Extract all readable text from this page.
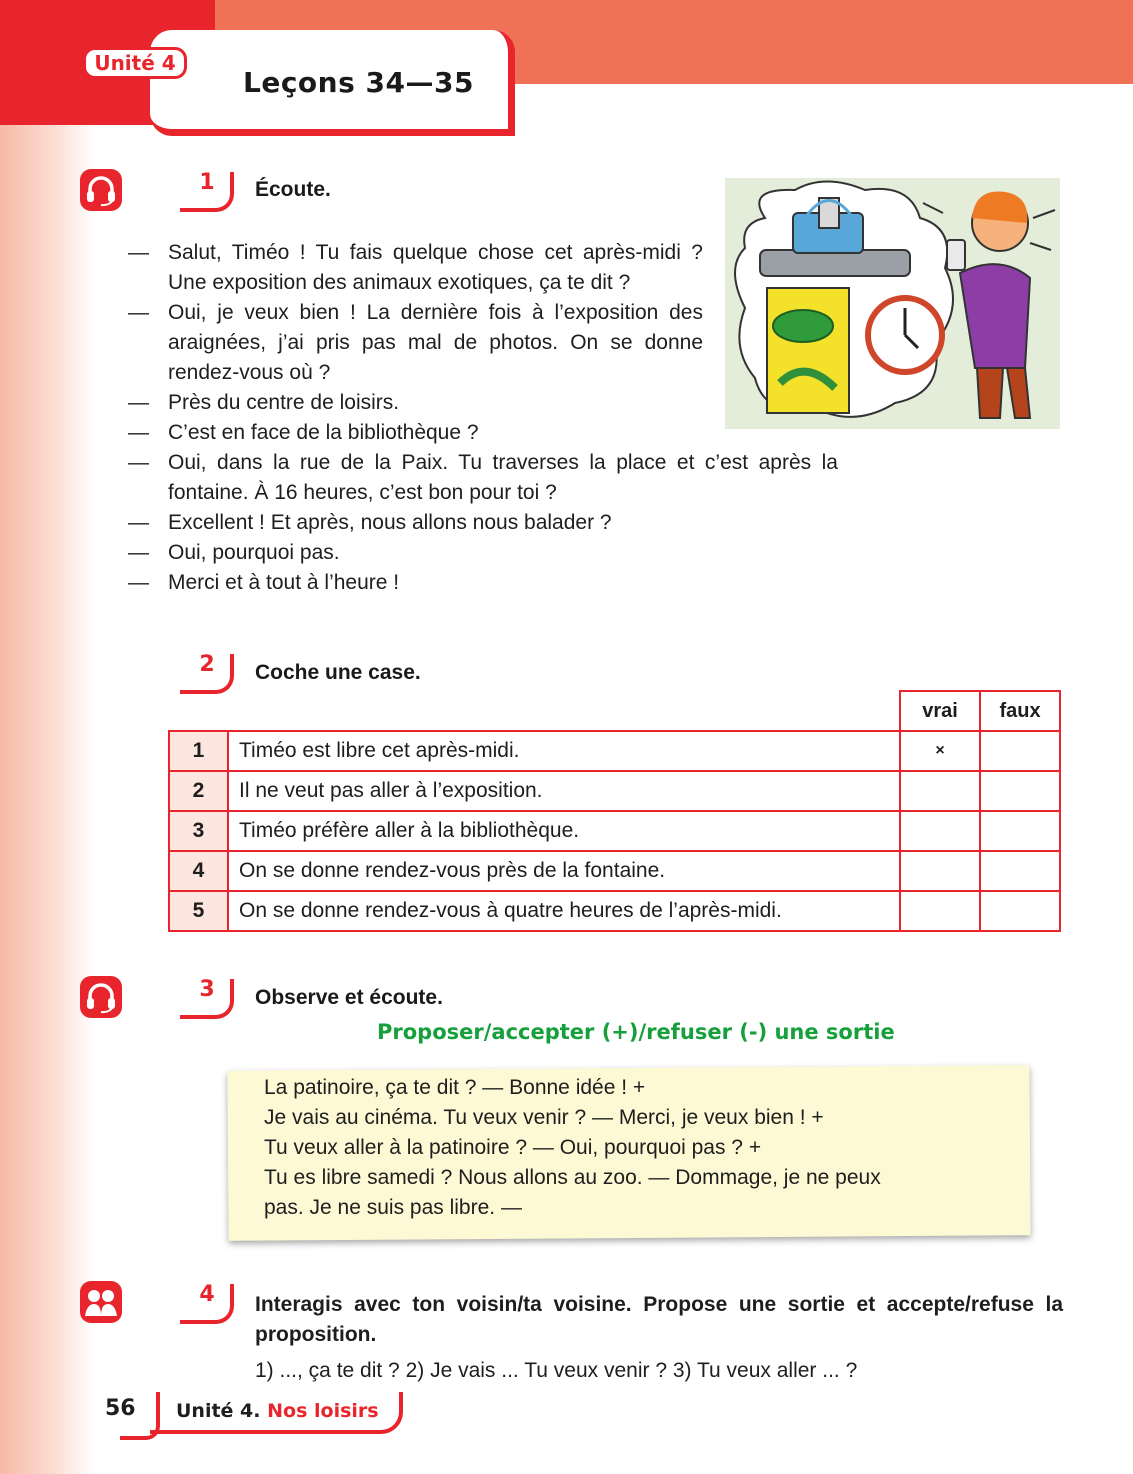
Unité 4
Leçons 34—35
1	Écoute.
— Salut, Timéo ! Tu fais quelque chose cet après-midi ? Une exposition des animaux exotiques, ça te dit ?
— Oui, je veux bien ! La dernière fois à l’exposition des araignées, j’ai pris pas mal de photos. On se donne rendez-vous où ?
— Près du centre de loisirs.
— C’est en face de la bibliothèque ?
— Oui, dans la rue de la Paix. Tu traverses la place et c’est après la fontaine. À 16 heures, c’est bon pour toi ?
— Excellent ! Et après, nous allons nous balader ?
— Oui, pourquoi pas.
— Merci et à tout à l’heure !
2	Coche une case.
		vrai	faux
1	Timéo est libre cet après-midi.	×	
2	Il ne veut pas aller à l’exposition.		
3	Timéo préfère aller à la bibliothèque.		
4	On se donne rendez-vous près de la fontaine.		
5	On se donne rendez-vous à quatre heures de l’après-midi.		
3	Observe et écoute.
Proposer/accepter (+)/refuser (-) une sortie
La patinoire, ça te dit ? — Bonne idée ! +
Je vais au cinéma. Tu veux venir ? — Merci, je veux bien ! +
Tu veux aller à la patinoire ? — Oui, pourquoi pas ? +
Tu es libre samedi ? Nous allons au zoo. — Dommage, je ne peux
pas. Je ne suis pas libre. —
4	Interagis avec ton voisin/ta voisine. Propose une sortie et accepte/refuse la proposition.
1) ..., ça te dit ? 2) Je vais ... Tu veux venir ? 3) Tu veux aller ... ?
56 Unité 4. Nos loisirs
